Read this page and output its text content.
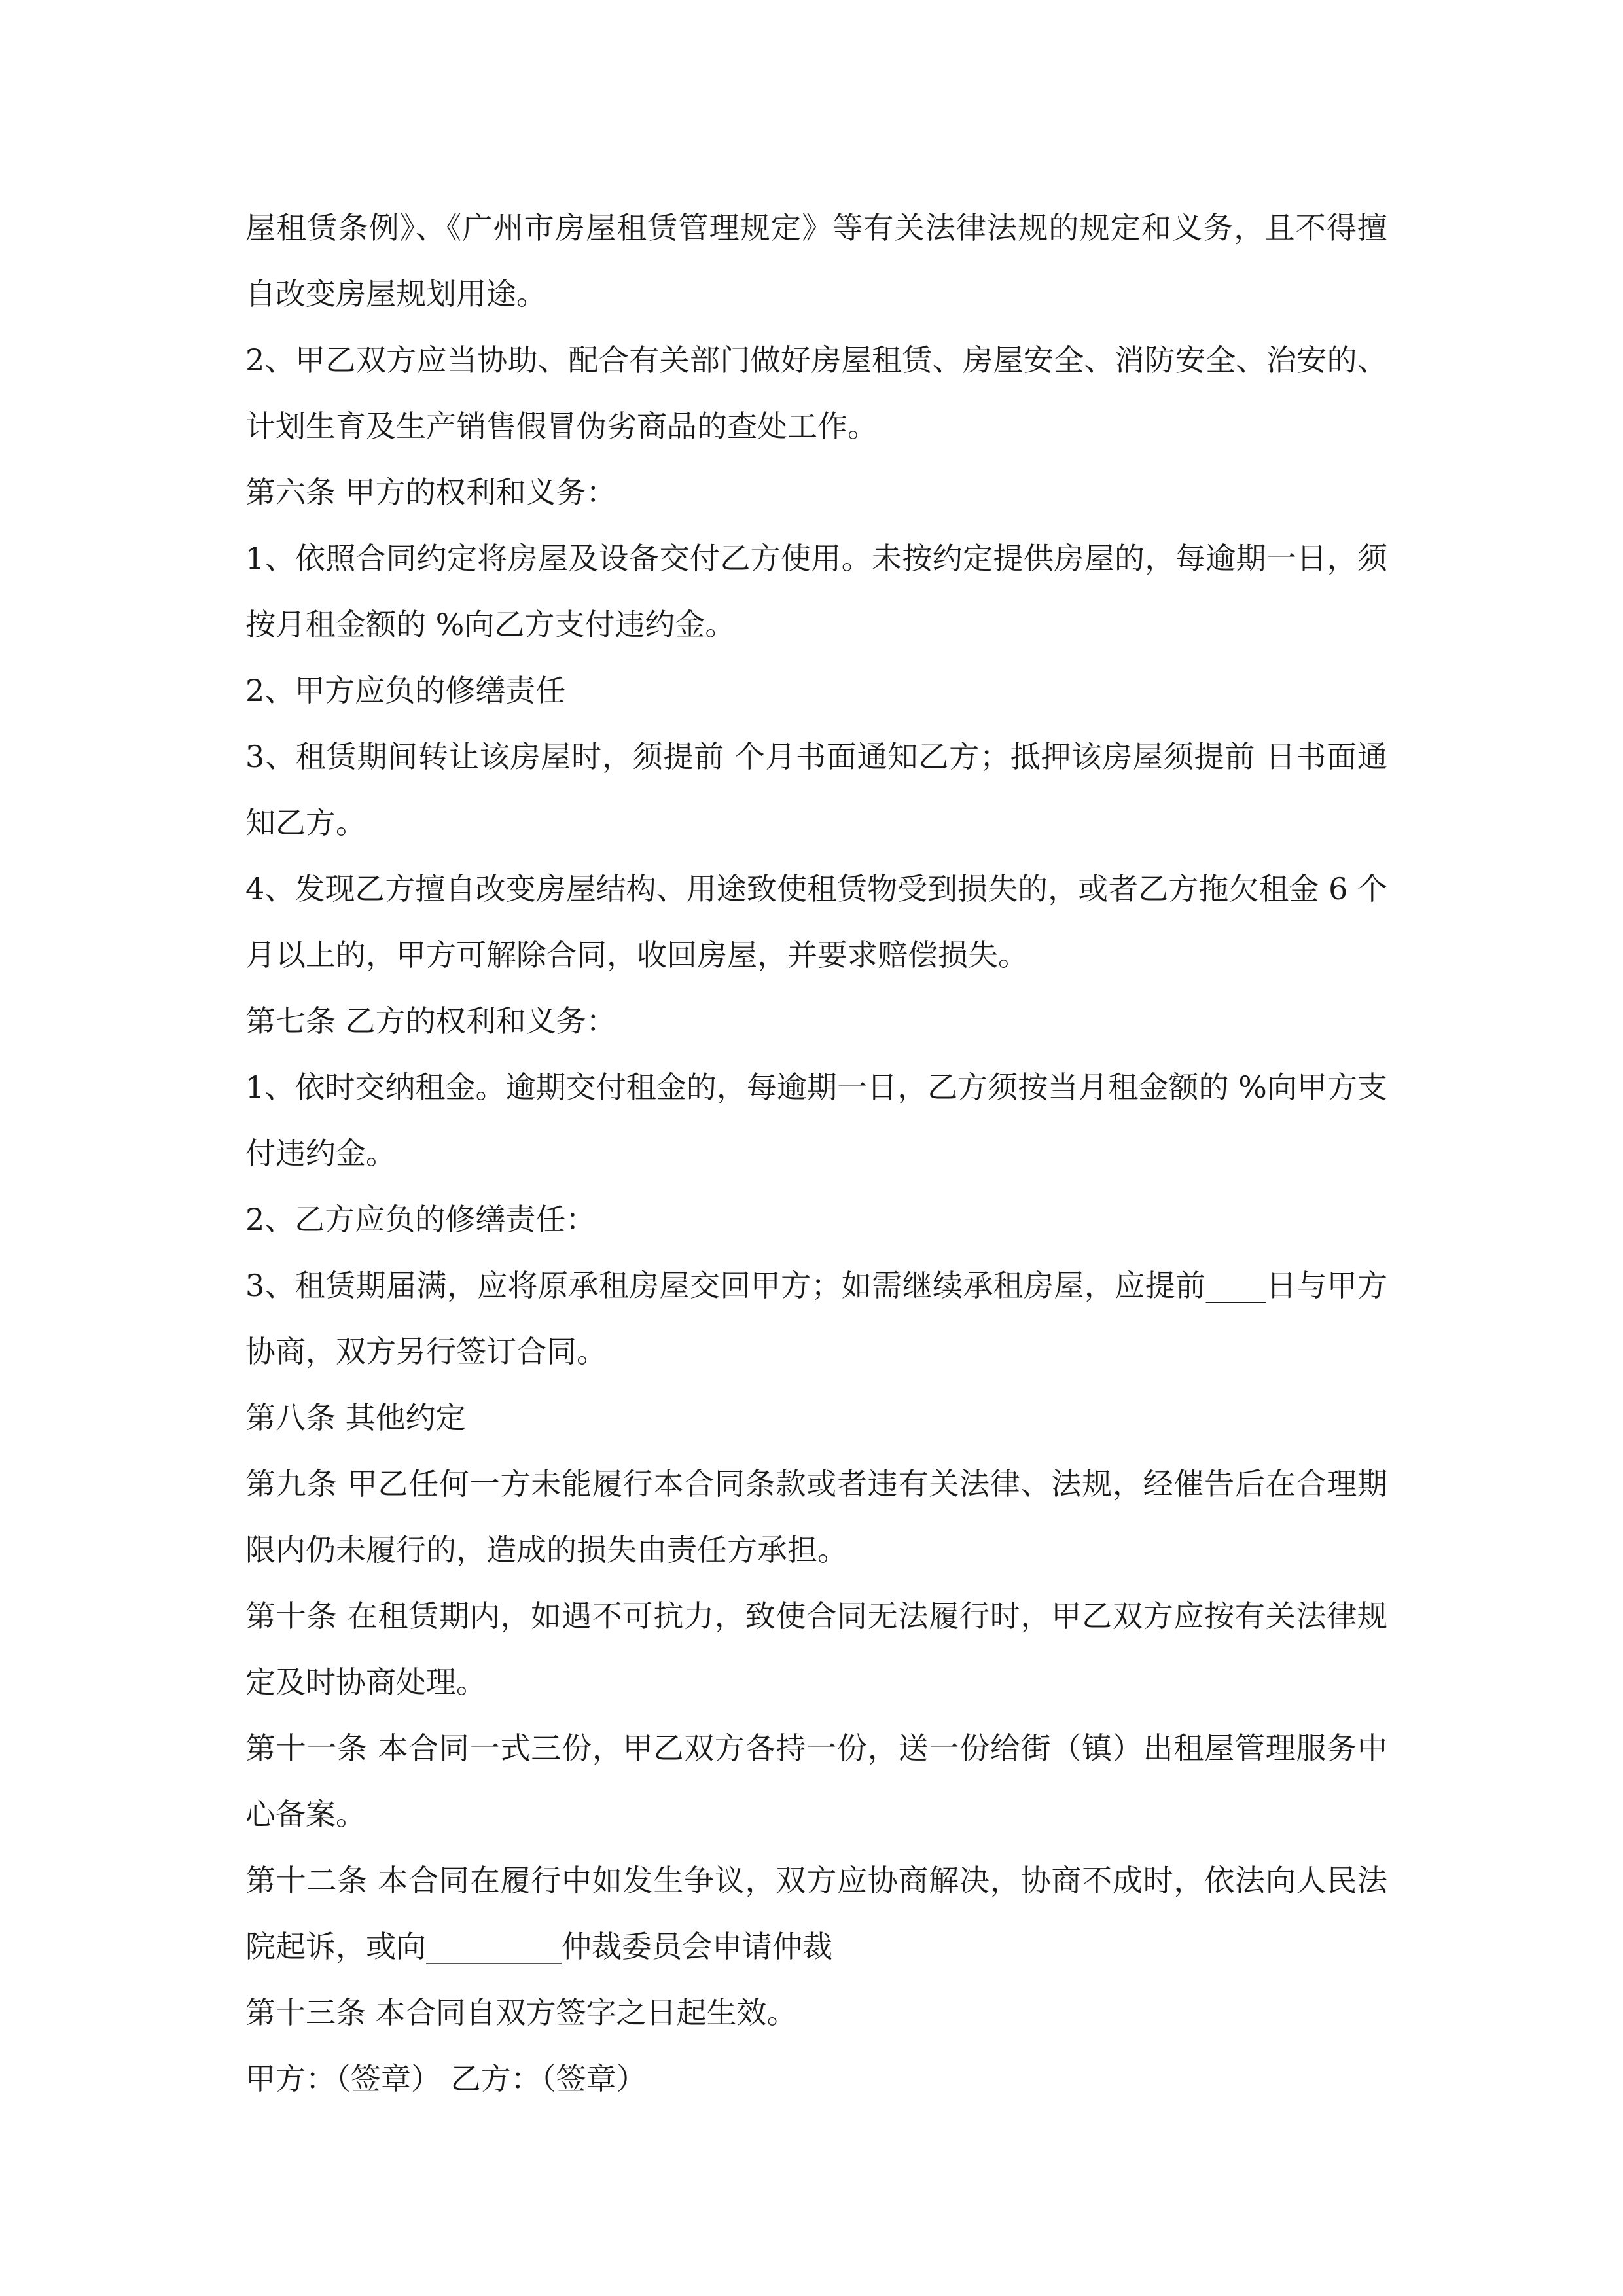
屋租赁条例》、《广州市房屋租赁管理规定》等有关法律法规的规定和义务，且不得擅自改变房屋规划用途。

2、甲乙双方应当协助、配合有关部门做好房屋租赁、房屋安全、消防安全、治安的、计划生育及生产销售假冒伪劣商品的查处工作。

第六条 甲方的权利和义务：

1、依照合同约定将房屋及设备交付乙方使用。未按约定提供房屋的，每逾期一日，须按月租金额的 %向乙方支付违约金。

2、甲方应负的修缮责任

3、租赁期间转让该房屋时，须提前 个月书面通知乙方；抵押该房屋须提前 日书面通知乙方。

4、发现乙方擅自改变房屋结构、用途致使租赁物受到损失的，或者乙方拖欠租金 6 个月以上的，甲方可解除合同，收回房屋，并要求赔偿损失。

第七条 乙方的权利和义务：

1、依时交纳租金。逾期交付租金的，每逾期一日，乙方须按当月租金额的 %向甲方支付违约金。

2、乙方应负的修缮责任：

3、租赁期届满，应将原承租房屋交回甲方；如需继续承租房屋，应提前____日与甲方协商，双方另行签订合同。

第八条 其他约定

第九条 甲乙任何一方未能履行本合同条款或者违有关法律、法规，经催告后在合理期限内仍未履行的，造成的损失由责任方承担。

第十条 在租赁期内，如遇不可抗力，致使合同无法履行时，甲乙双方应按有关法律规定及时协商处理。

第十一条 本合同一式三份，甲乙双方各持一份，送一份给街（镇）出租屋管理服务中心备案。

第十二条 本合同在履行中如发生争议，双方应协商解决，协商不成时，依法向人民法院起诉，或向_________仲裁委员会申请仲裁

第十三条 本合同自双方签字之日起生效。

甲方：（签章） 乙方：（签章）
